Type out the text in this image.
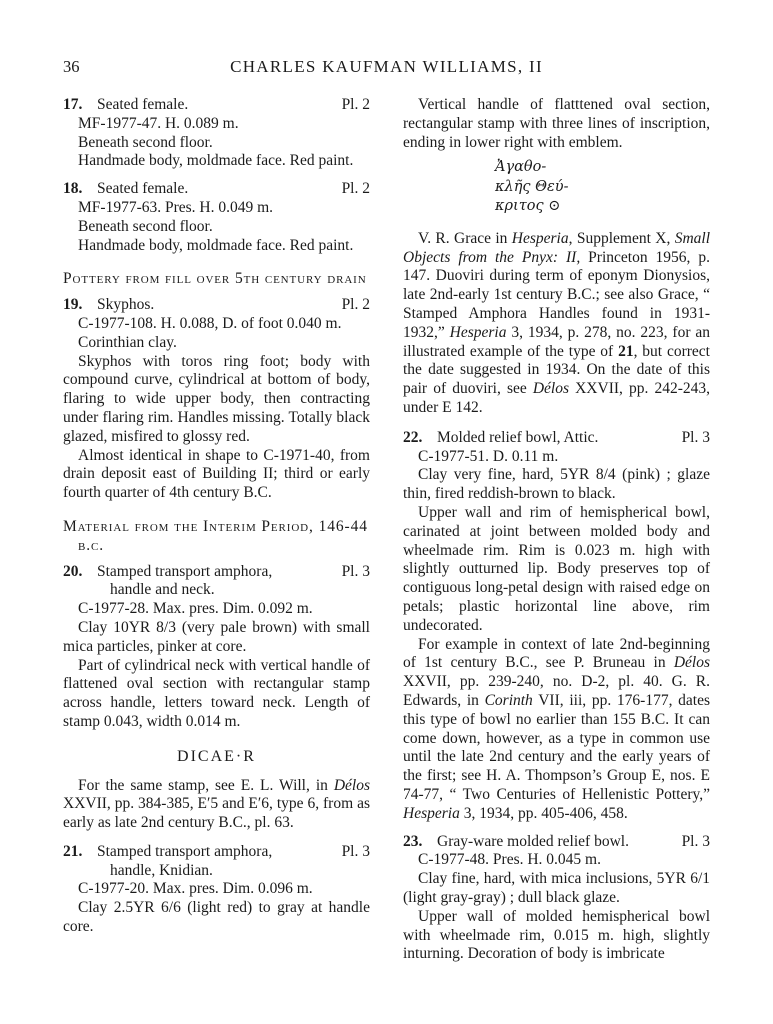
36	CHARLES KAUFMAN WILLIAMS, II
17. Seated female.	Pl. 2
MF-1977-47. H. 0.089 m.
Beneath second floor.
Handmade body, moldmade face. Red paint.
18. Seated female.	Pl. 2
MF-1977-63. Pres. H. 0.049 m.
Beneath second floor.
Handmade body, moldmade face. Red paint.
Pottery from fill over 5th century drain
19. Skyphos.	Pl. 2
C-1977-108. H. 0.088, D. of foot 0.040 m.
Corinthian clay.

Skyphos with toros ring foot; body with compound curve, cylindrical at bottom of body, flaring to wide upper body, then contracting under flaring rim. Handles missing. Totally black glazed, misfired to glossy red.

Almost identical in shape to C-1971-40, from drain deposit east of Building II; third or early fourth quarter of 4th century B.C.

Material from the Interim Period, 146-44 b.c.
20. Stamped transport amphora,	Pl. 3
handle and neck.
C-1977-28. Max. pres. Dim. 0.092 m.

Clay 10YR 8/3 (very pale brown) with small mica particles, pinker at core.

Part of cylindrical neck with vertical handle of flattened oval section with rectangular stamp across handle, letters toward neck. Length of stamp 0.043, width 0.014 m.

DICAE·R

For the same stamp, see E. L. Will, in Délos XXVII, pp. 384-385, E′5 and E′6, type 6, from as early as late 2nd century B.C., pl. 63.

21. Stamped transport amphora,	Pl. 3
handle, Knidian.
C-1977-20. Max. pres. Dim. 0.096 m.

Clay 2.5YR 6/6 (light red) to gray at handle core.

Vertical handle of flatttened oval section, rectangular stamp with three lines of inscription, ending in lower right with emblem.

Ἀγαθο-
κλῆς Θεύ-
κριτος ⊙

V. R. Grace in Hesperia, Supplement X, Small Objects from the Pnyx: II, Princeton 1956, p. 147. Duoviri during term of eponym Dionysios, late 2nd-early 1st century B.C.; see also Grace, “ Stamped Amphora Handles found in 1931-1932,” Hesperia 3, 1934, p. 278, no. 223, for an illustrated example of the type of 21, but correct the date suggested in 1934. On the date of this pair of duoviri, see Délos XXVII, pp. 242-243, under E 142.

22. Molded relief bowl, Attic.	Pl. 3
C-1977-51. D. 0.11 m.

Clay very fine, hard, 5YR 8/4 (pink) ; glaze thin, fired reddish-brown to black.

Upper wall and rim of hemispherical bowl, carinated at joint between molded body and wheelmade rim. Rim is 0.023 m. high with slightly outturned lip. Body preserves top of contiguous long-petal design with raised edge on petals; plastic horizontal line above, rim undecorated.

For example in context of late 2nd-beginning of 1st century B.C., see P. Bruneau in Délos XXVII, pp. 239-240, no. D-2, pl. 40. G. R. Edwards, in Corinth VII, iii, pp. 176-177, dates this type of bowl no earlier than 155 B.C. It can come down, however, as a type in common use until the late 2nd century and the early years of the first; see H. A. Thompson’s Group E, nos. E 74-77, “ Two Centuries of Hellenistic Pottery,” Hesperia 3, 1934, pp. 405-406, 458.

23. Gray-ware molded relief bowl.	Pl. 3
C-1977-48. Pres. H. 0.045 m.

Clay fine, hard, with mica inclusions, 5YR 6/1 (light gray-gray) ; dull black glaze.

Upper wall of molded hemispherical bowl with wheelmade rim, 0.015 m. high, slightly inturning. Decoration of body is imbricate
